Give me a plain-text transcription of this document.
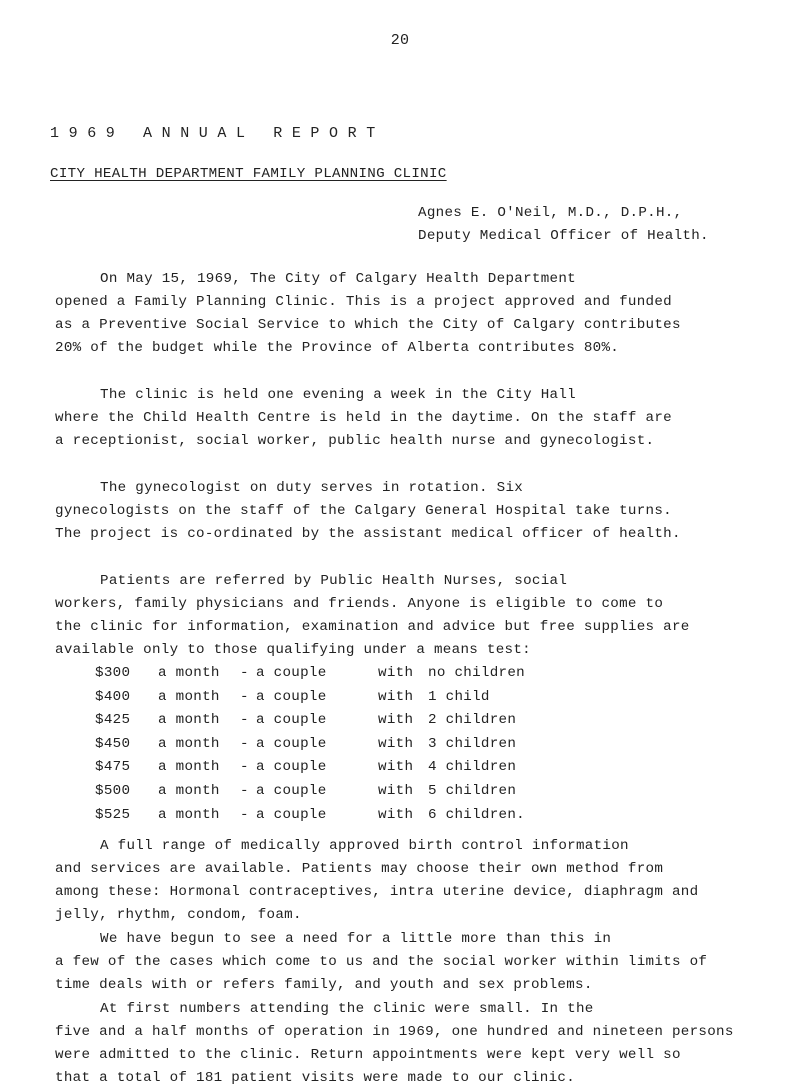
20
1969 ANNUAL REPORT
CITY HEALTH DEPARTMENT FAMILY PLANNING CLINIC
Agnes E. O'Neil, M.D., D.P.H.,
Deputy Medical Officer of Health.
On May 15, 1969, The City of Calgary Health Department
opened a Family Planning Clinic. This is a project approved and funded
as a Preventive Social Service to which the City of Calgary contributes
20% of the budget while the Province of Alberta contributes 80%.
The clinic is held one evening a week in the City Hall
where the Child Health Centre is held in the daytime. On the staff are
a receptionist, social worker, public health nurse and gynecologist.
The gynecologist on duty serves in rotation. Six
gynecologists on the staff of the Calgary General Hospital take turns.
The project is co-ordinated by the assistant medical officer of health.
Patients are referred by Public Health Nurses, social
workers, family physicians and friends. Anyone is eligible to come to
the clinic for information, examination and advice but free supplies are
available only to those qualifying under a means test:
$300 a month - a couple	with no children
$400 a month - a couple	with 1 child
$425 a month - a couple	with 2 children
$450 a month - a couple	with 3 children
$475 a month - a couple	with 4 children
$500 a month - a couple	with 5 children
$525 a month - a couple	with 6 children.
A full range of medically approved birth control information
and services are available. Patients may choose their own method from
among these: Hormonal contraceptives, intra uterine device, diaphragm and
jelly, rhythm, condom, foam.
We have begun to see a need for a little more than this in
a few of the cases which come to us and the social worker within limits of
time deals with or refers family, and youth and sex problems.
At first numbers attending the clinic were small. In the
five and a half months of operation in 1969, one hundred and nineteen persons
were admitted to the clinic. Return appointments were kept very well so
that a total of 181 patient visits were made to our clinic.
